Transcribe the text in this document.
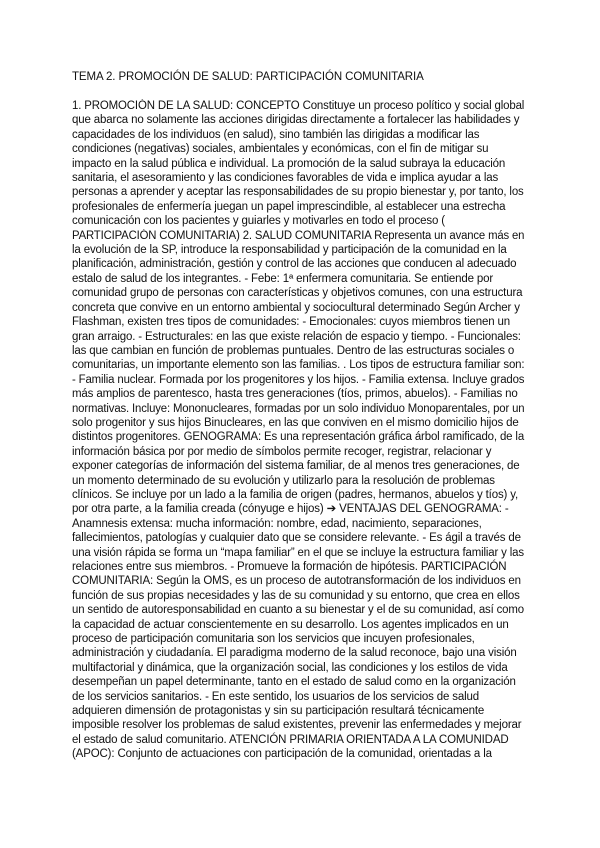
TEMA 2. PROMOCIÓN DE SALUD: PARTICIPACIÓN COMUNITARIA
1. PROMOCIÓN DE LA SALUD: CONCEPTO Constituye un proceso político y social global
que abarca no solamente las acciones dirigidas directamente a fortalecer las habilidades y
capacidades de los individuos (en salud), sino también las dirigidas a modificar las
condiciones (negativas) sociales, ambientales y económicas, con el fin de mitigar su
impacto en la salud pública e individual. La promoción de la salud subraya la educación
sanitaria, el asesoramiento y las condiciones favorables de vida e implica ayudar a las
personas a aprender y aceptar las responsabilidades de su propio bienestar y, por tanto, los
profesionales de enfermería juegan un papel imprescindible, al establecer una estrecha
comunicación con los pacientes y guiarles y motivarles en todo el proceso (
PARTICIPACIÓN COMUNITARIA) 2. SALUD COMUNITARIA Representa un avance más en
la evolución de la SP, introduce la responsabilidad y participación de la comunidad en la
planificación, administración, gestión y control de las acciones que conducen al adecuado
estalo de salud de los integrantes. - Febe: 1ª enfermera comunitaria. Se entiende por
comunidad grupo de personas con características y objetivos comunes, con una estructura
concreta que convive en un entorno ambiental y sociocultural determinado Según Archer y
Flashman, existen tres tipos de comunidades: - Emocionales: cuyos miembros tienen un
gran arraigo. - Estructurales: en las que existe relación de espacio y tiempo. - Funcionales:
las que cambian en función de problemas puntuales. Dentro de las estructuras sociales o
comunitarias, un importante elemento son las familias. . Los tipos de estructura familiar son:
- Familia nuclear. Formada por los progenitores y los hijos. - Familia extensa. Incluye grados
más amplios de parentesco, hasta tres generaciones (tíos, primos, abuelos). - Familias no
normativas. Incluye: Mononucleares, formadas por un solo individuo Monoparentales, por un
solo progenitor y sus hijos Binucleares, en las que conviven en el mismo domicilio hijos de
distintos progenitores. GENOGRAMA: Es una representación gráfica árbol ramificado, de la
información básica por por medio de símbolos permite recoger, registrar, relacionar y
exponer categorías de información del sistema familiar, de al menos tres generaciones, de
un momento determinado de su evolución y utilizarlo para la resolución de problemas
clínicos. Se incluye por un lado a la familia de origen (padres, hermanos, abuelos y tíos) y,
por otra parte, a la familia creada (cónyuge e hijos) ➔ VENTAJAS DEL GENOGRAMA: -
Anamnesis extensa: mucha información: nombre, edad, nacimiento, separaciones,
fallecimientos, patologías y cualquier dato que se considere relevante. - Es ágil a través de
una visión rápida se forma un “mapa familiar” en el que se incluye la estructura familiar y las
relaciones entre sus miembros. - Promueve la formación de hipótesis. PARTICIPACIÓN
COMUNITARIA: Según la OMS, es un proceso de autotransformación de los individuos en
función de sus propias necesidades y las de su comunidad y su entorno, que crea en ellos
un sentido de autoresponsabilidad en cuanto a su bienestar y el de su comunidad, así como
la capacidad de actuar conscientemente en su desarrollo. Los agentes implicados en un
proceso de participación comunitaria son los servicios que incuyen profesionales,
administración y ciudadanía. El paradigma moderno de la salud reconoce, bajo una visión
multifactorial y dinámica, que la organización social, las condiciones y los estilos de vida
desempeñan un papel determinante, tanto en el estado de salud como en la organización
de los servicios sanitarios. - En este sentido, los usuarios de los servicios de salud
adquieren dimensión de protagonistas y sin su participación resultará técnicamente
imposible resolver los problemas de salud existentes, prevenir las enfermedades y mejorar
el estado de salud comunitario. ATENCIÓN PRIMARIA ORIENTADA A LA COMUNIDAD
(APOC): Conjunto de actuaciones con participación de la comunidad, orientadas a la
